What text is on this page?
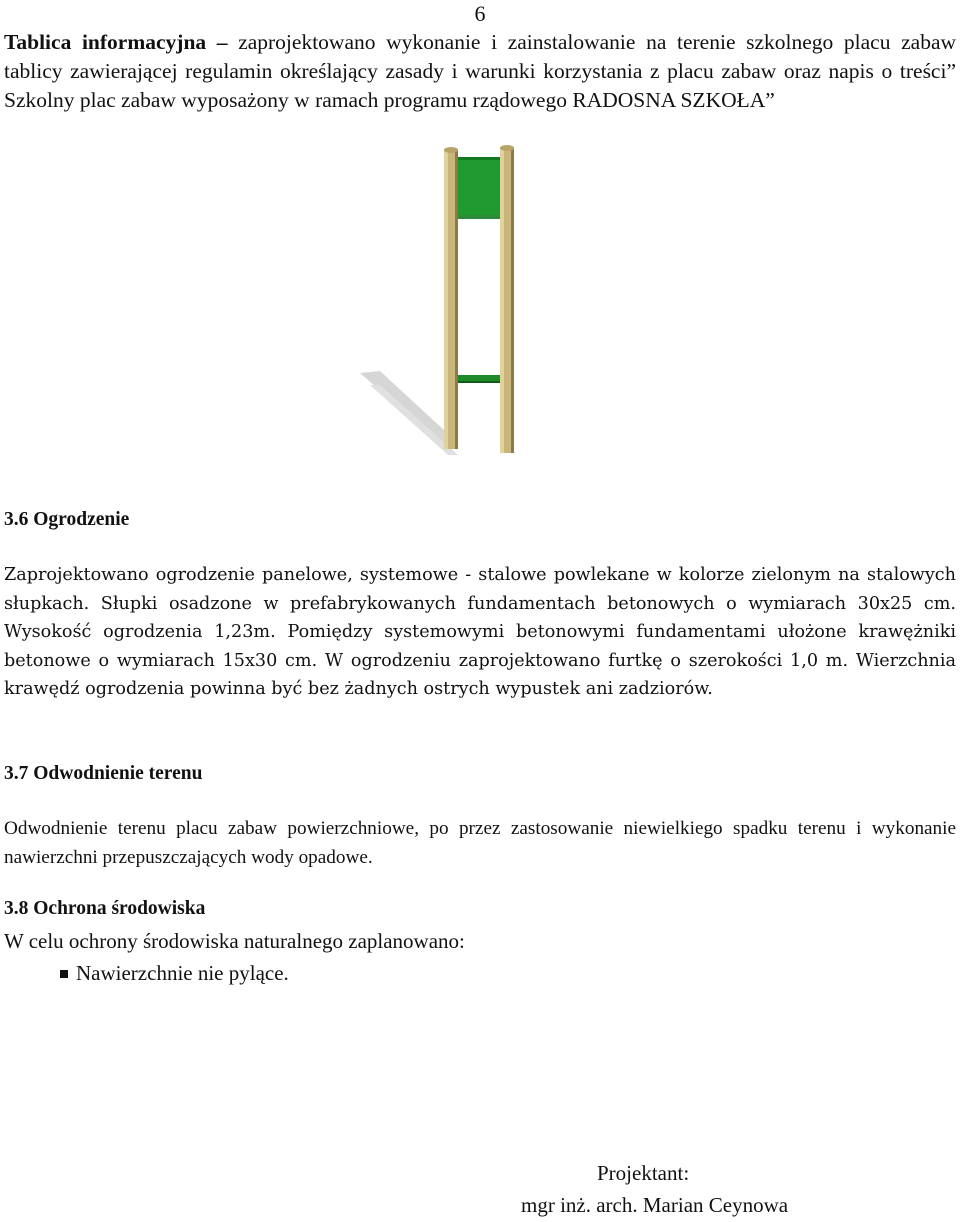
6

Tablica informacyjna – zaprojektowano wykonanie i zainstalowanie na terenie szkolnego placu zabaw tablicy zawierającej regulamin określający zasady i warunki korzystania z placu zabaw oraz napis o treści” Szkolny plac zabaw wyposażony w ramach programu rządowego RADOSNA SZKOŁA”

3.6 Ogrodzenie

Zaprojektowano ogrodzenie panelowe, systemowe - stalowe powlekane w kolorze zielonym na stalowych słupkach. Słupki osadzone w prefabrykowanych fundamentach betonowych o wymiarach 30x25 cm. Wysokość ogrodzenia 1,23m. Pomiędzy systemowymi betonowymi fundamentami ułożone krawężniki betonowe o wymiarach 15x30 cm. W ogrodzeniu zaprojektowano furtkę o szerokości 1,0 m. Wierzchnia krawędź ogrodzenia powinna być bez żadnych ostrych wypustek ani zadziorów.

3.7 Odwodnienie terenu

Odwodnienie terenu placu zabaw powierzchniowe, po przez zastosowanie niewielkiego spadku terenu i wykonanie nawierzchni przepuszczających wody opadowe.

3.8 Ochrona środowiska

W celu ochrony środowiska naturalnego zaplanowano:

Nawierzchnie nie pylące.

Projektant:

mgr inż. arch. Marian Ceynowa
